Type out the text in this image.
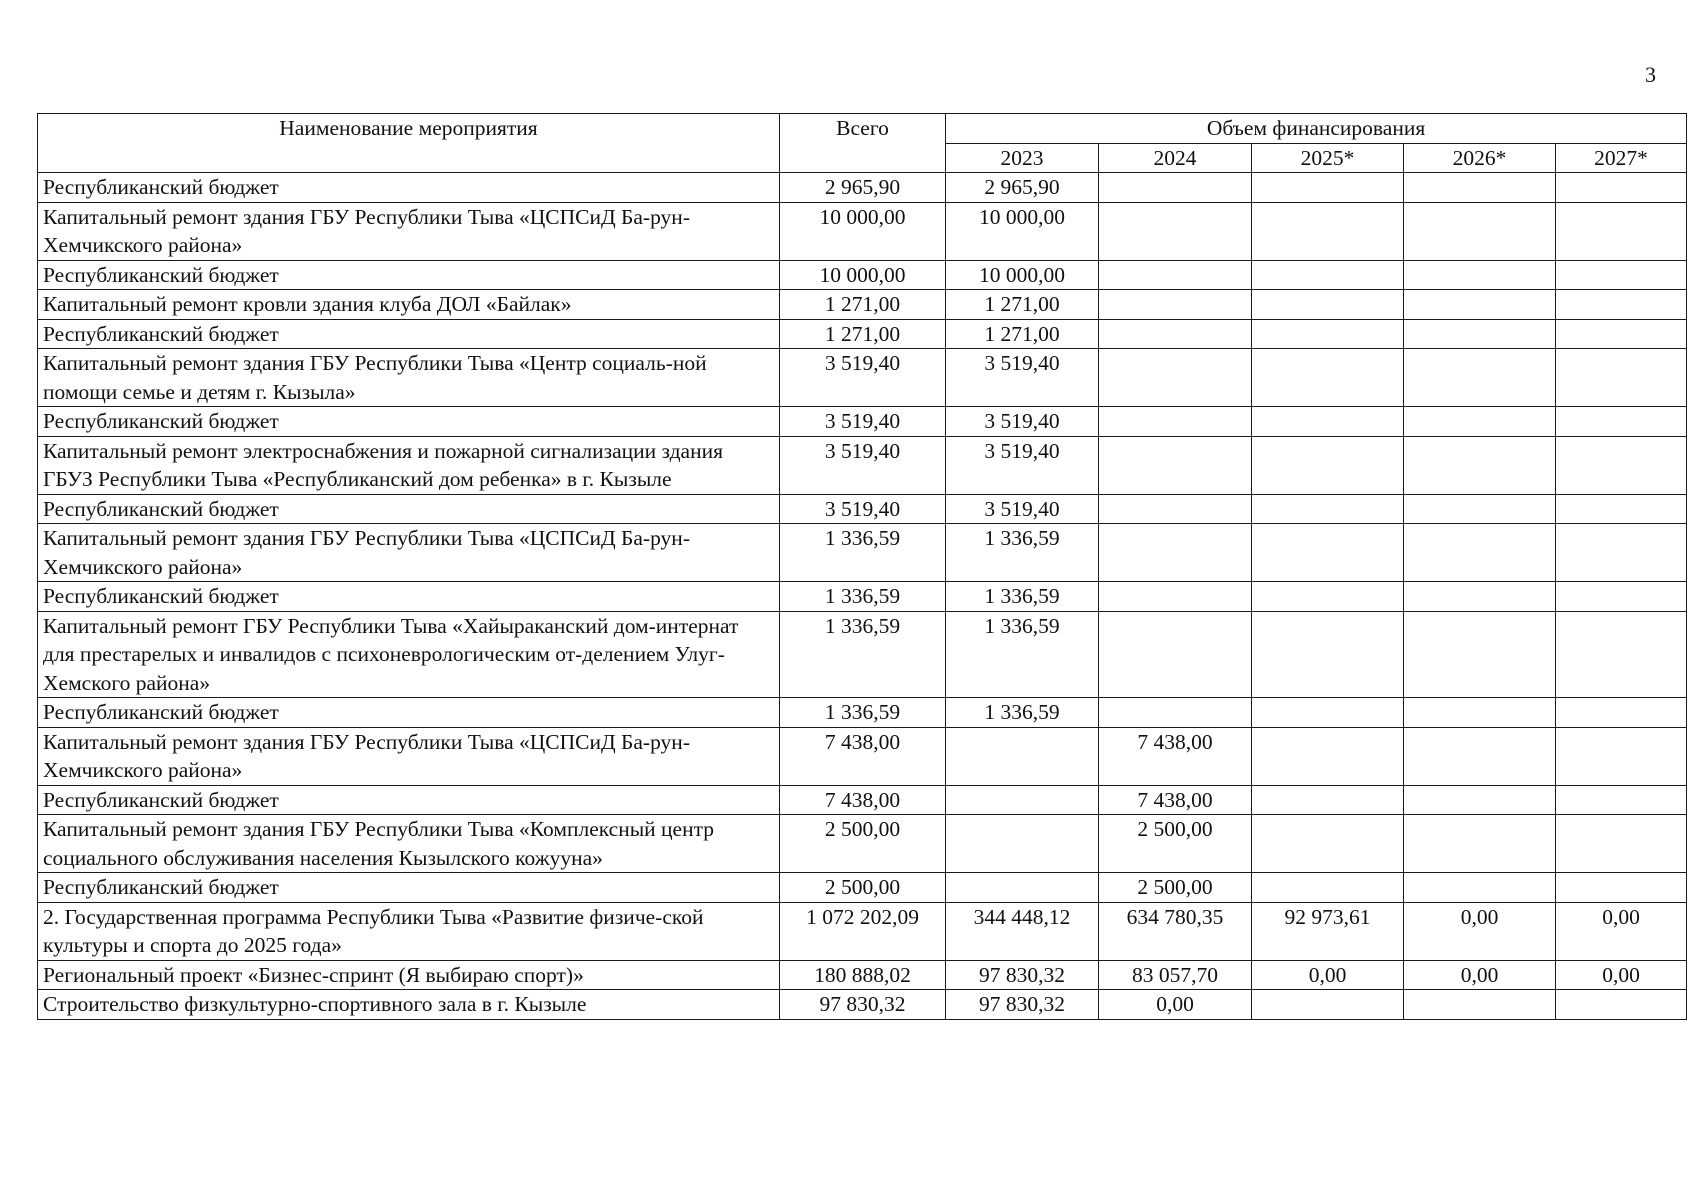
3
Наименование мероприятия	Всего	Объем финансирования				
		2023	2024	2025*	2026*	2027*
Республиканский бюджет	2 965,90	2 965,90				
Капитальный ремонт здания ГБУ Республики Тыва «ЦСПСиД Ба-рун-Хемчикского района»	10 000,00	10 000,00				
Республиканский бюджет	10 000,00	10 000,00				
Капитальный ремонт кровли здания клуба ДОЛ «Байлак»	1 271,00	1 271,00				
Республиканский бюджет	1 271,00	1 271,00				
Капитальный ремонт здания ГБУ Республики Тыва «Центр социаль-ной помощи семье и детям г. Кызыла»	3 519,40	3 519,40				
Республиканский бюджет	3 519,40	3 519,40				
Капитальный ремонт электроснабжения и пожарной сигнализации здания ГБУЗ Республики Тыва «Республиканский дом ребенка» в г. Кызыле	3 519,40	3 519,40				
Республиканский бюджет	3 519,40	3 519,40				
Капитальный ремонт здания ГБУ Республики Тыва «ЦСПСиД Ба-рун-Хемчикского района»	1 336,59	1 336,59				
Республиканский бюджет	1 336,59	1 336,59				
Капитальный ремонт ГБУ Республики Тыва «Хайыраканский дом-интернат для престарелых и инвалидов с психоневрологическим от-делением Улуг-Хемского района»	1 336,59	1 336,59				
Республиканский бюджет	1 336,59	1 336,59				
Капитальный ремонт здания ГБУ Республики Тыва «ЦСПСиД Ба-рун-Хемчикского района»	7 438,00		7 438,00			
Республиканский бюджет	7 438,00		7 438,00			
Капитальный ремонт здания ГБУ Республики Тыва «Комплексный центр социального обслуживания населения Кызылского кожууна»	2 500,00		2 500,00			
Республиканский бюджет	2 500,00		2 500,00			
2. Государственная программа Республики Тыва «Развитие физиче-ской культуры и спорта до 2025 года»	1 072 202,09	344 448,12	634 780,35	92 973,61	0,00	0,00
Региональный проект «Бизнес-спринт (Я выбираю спорт)»	180 888,02	97 830,32	83 057,70	0,00	0,00	0,00
Строительство физкультурно-спортивного зала в г. Кызыле	97 830,32	97 830,32	0,00			
